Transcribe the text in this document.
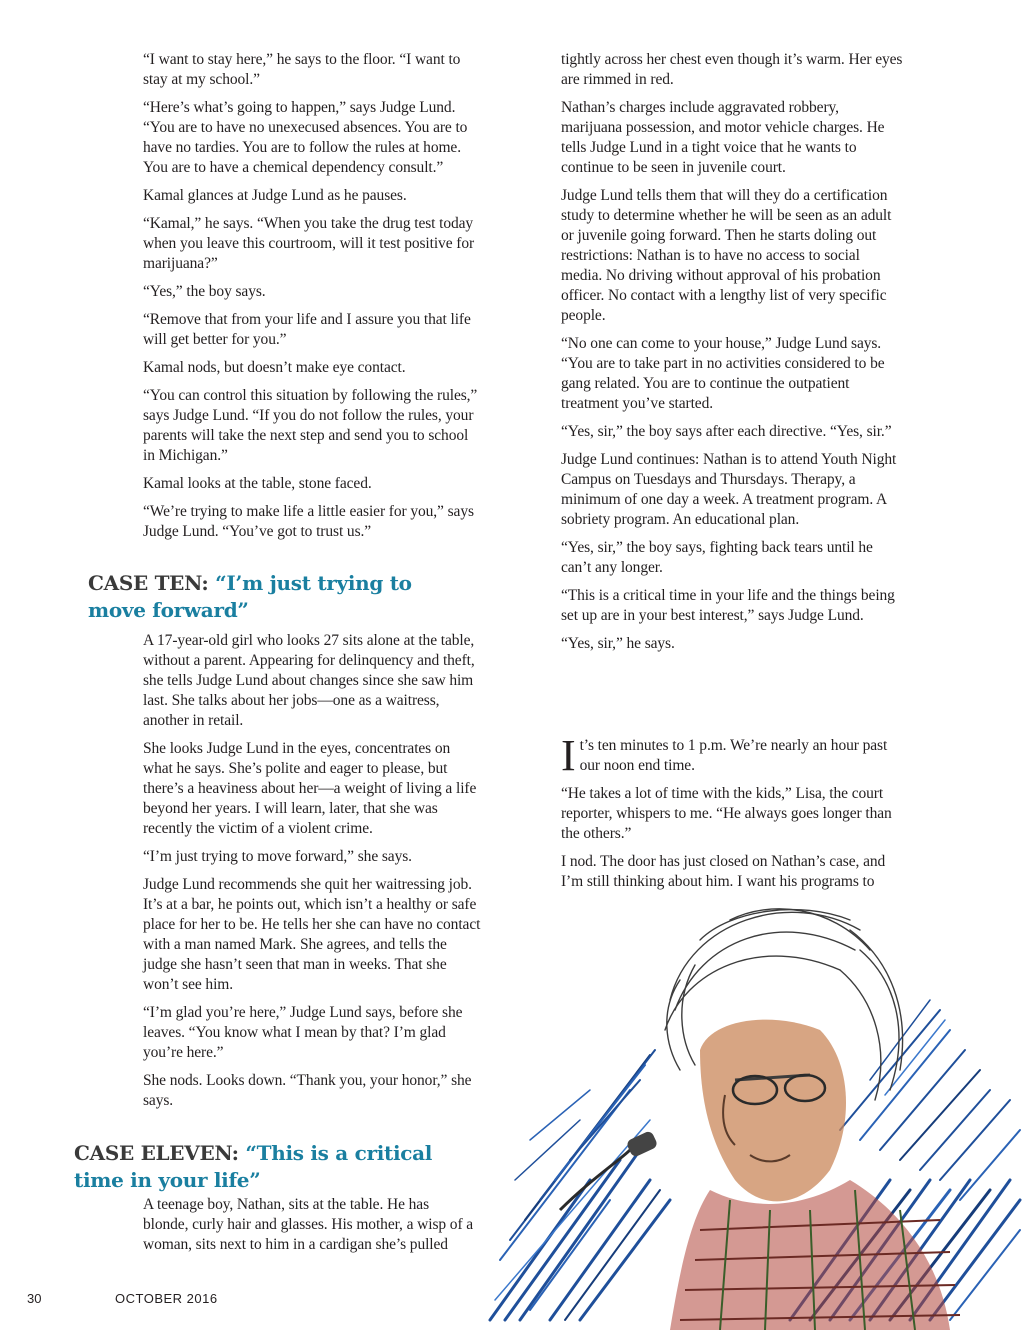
“I want to stay here,” he says to the floor. “I want to stay at my school.”

“Here’s what’s going to happen,” says Judge Lund. “You are to have no unexecused absences. You are to have no tardies. You are to follow the rules at home. You are to have a chemical dependency consult.”

Kamal glances at Judge Lund as he pauses.

“Kamal,” he says. “When you take the drug test today when you leave this courtroom, will it test positive for marijuana?”

“Yes,” the boy says.

“Remove that from your life and I assure you that life will get better for you.”

Kamal nods, but doesn’t make eye contact.

“You can control this situation by following the rules,” says Judge Lund. “If you do not follow the rules, your parents will take the next step and send you to school in Michigan.”

Kamal looks at the table, stone faced.

“We’re trying to make life a little easier for you,” says Judge Lund. “You’ve got to trust us.”

CASE TEN: “I’m just trying to move forward”

A 17-year-old girl who looks 27 sits alone at the table, without a parent. Appearing for delinquency and theft, she tells Judge Lund about changes since she saw him last. She talks about her jobs—one as a waitress, another in retail.

She looks Judge Lund in the eyes, concentrates on what he says. She’s polite and eager to please, but there’s a heaviness about her—a weight of living a life beyond her years. I will learn, later, that she was recently the victim of a violent crime.

“I’m just trying to move forward,” she says.

Judge Lund recommends she quit her waitressing job. It’s at a bar, he points out, which isn’t a healthy or safe place for her to be. He tells her she can have no contact with a man named Mark. She agrees, and tells the judge she hasn’t seen that man in weeks. That she won’t see him.

“I’m glad you’re here,” Judge Lund says, before she leaves. “You know what I mean by that? I’m glad you’re here.”

She nods. Looks down. “Thank you, your honor,” she says.

CASE ELEVEN: “This is a critical time in your life”

A teenage boy, Nathan, sits at the table. He has blonde, curly hair and glasses. His mother, a wisp of a woman, sits next to him in a cardigan she’s pulled

tightly across her chest even though it’s warm. Her eyes are rimmed in red.

Nathan’s charges include aggravated robbery, marijuana possession, and motor vehicle charges. He tells Judge Lund in a tight voice that he wants to continue to be seen in juvenile court.

Judge Lund tells them that will they do a certification study to determine whether he will be seen as an adult or juvenile going forward. Then he starts doling out restrictions: Nathan is to have no access to social media. No driving without approval of his probation officer. No contact with a lengthy list of very specific people.

“No one can come to your house,” Judge Lund says. “You are to take part in no activities considered to be gang related. You are to continue the outpatient treatment you’ve started.

“Yes, sir,” the boy says after each directive. “Yes, sir.”

Judge Lund continues: Nathan is to attend Youth Night Campus on Tuesdays and Thursdays. Therapy, a minimum of one day a week. A treatment program. A sobriety program. An educational plan.

“Yes, sir,” the boy says, fighting back tears until he can’t any longer.

“This is a critical time in your life and the things being set up are in your best interest,” says Judge Lund.

“Yes, sir,” he says.

It’s ten minutes to 1 p.m. We’re nearly an hour past our noon end time.

“He takes a lot of time with the kids,” Lisa, the court reporter, whispers to me. “He always goes longer than the others.”

I nod. The door has just closed on Nathan’s case, and I’m still thinking about him. I want his programs to

30	OCTOBER 2016
